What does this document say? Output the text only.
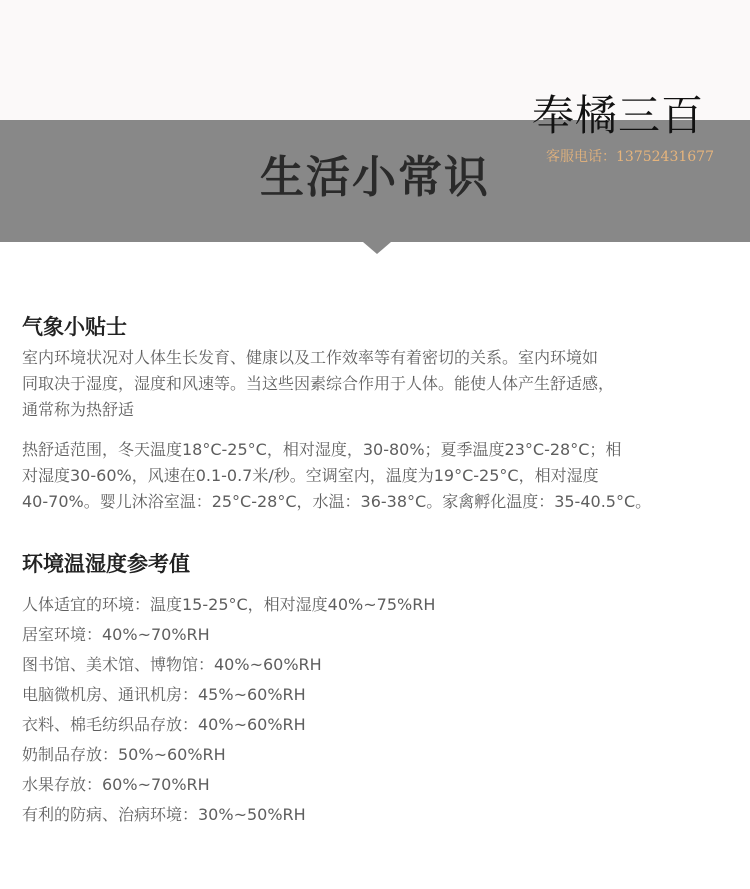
生活小常识
奉橘三百
客服电话：13752431677
气象小贴士
室内环境状况对人体生长发育、健康以及工作效率等有着密切的关系。室内环境如
同取决于湿度，湿度和风速等。当这些因素综合作用于人体。能使人体产生舒适感，
通常称为热舒适
热舒适范围，冬天温度18°C-25°C，相对湿度，30-80%；夏季温度23°C-28°C；相
对湿度30-60%，风速在0.1-0.7米/秒。空调室内，温度为19°C-25°C，相对湿度
40-70%。婴儿沐浴室温：25°C-28°C，水温：36-38°C。家禽孵化温度：35-40.5°C。
环境温湿度参考值
人体适宜的环境：温度15-25°C，相对湿度40%~75%RH
居室环境：40%~70%RH
图书馆、美术馆、博物馆：40%~60%RH
电脑微机房、通讯机房：45%~60%RH
衣料、棉毛纺织品存放：40%~60%RH
奶制品存放：50%~60%RH
水果存放：60%~70%RH
有利的防病、治病环境：30%~50%RH
